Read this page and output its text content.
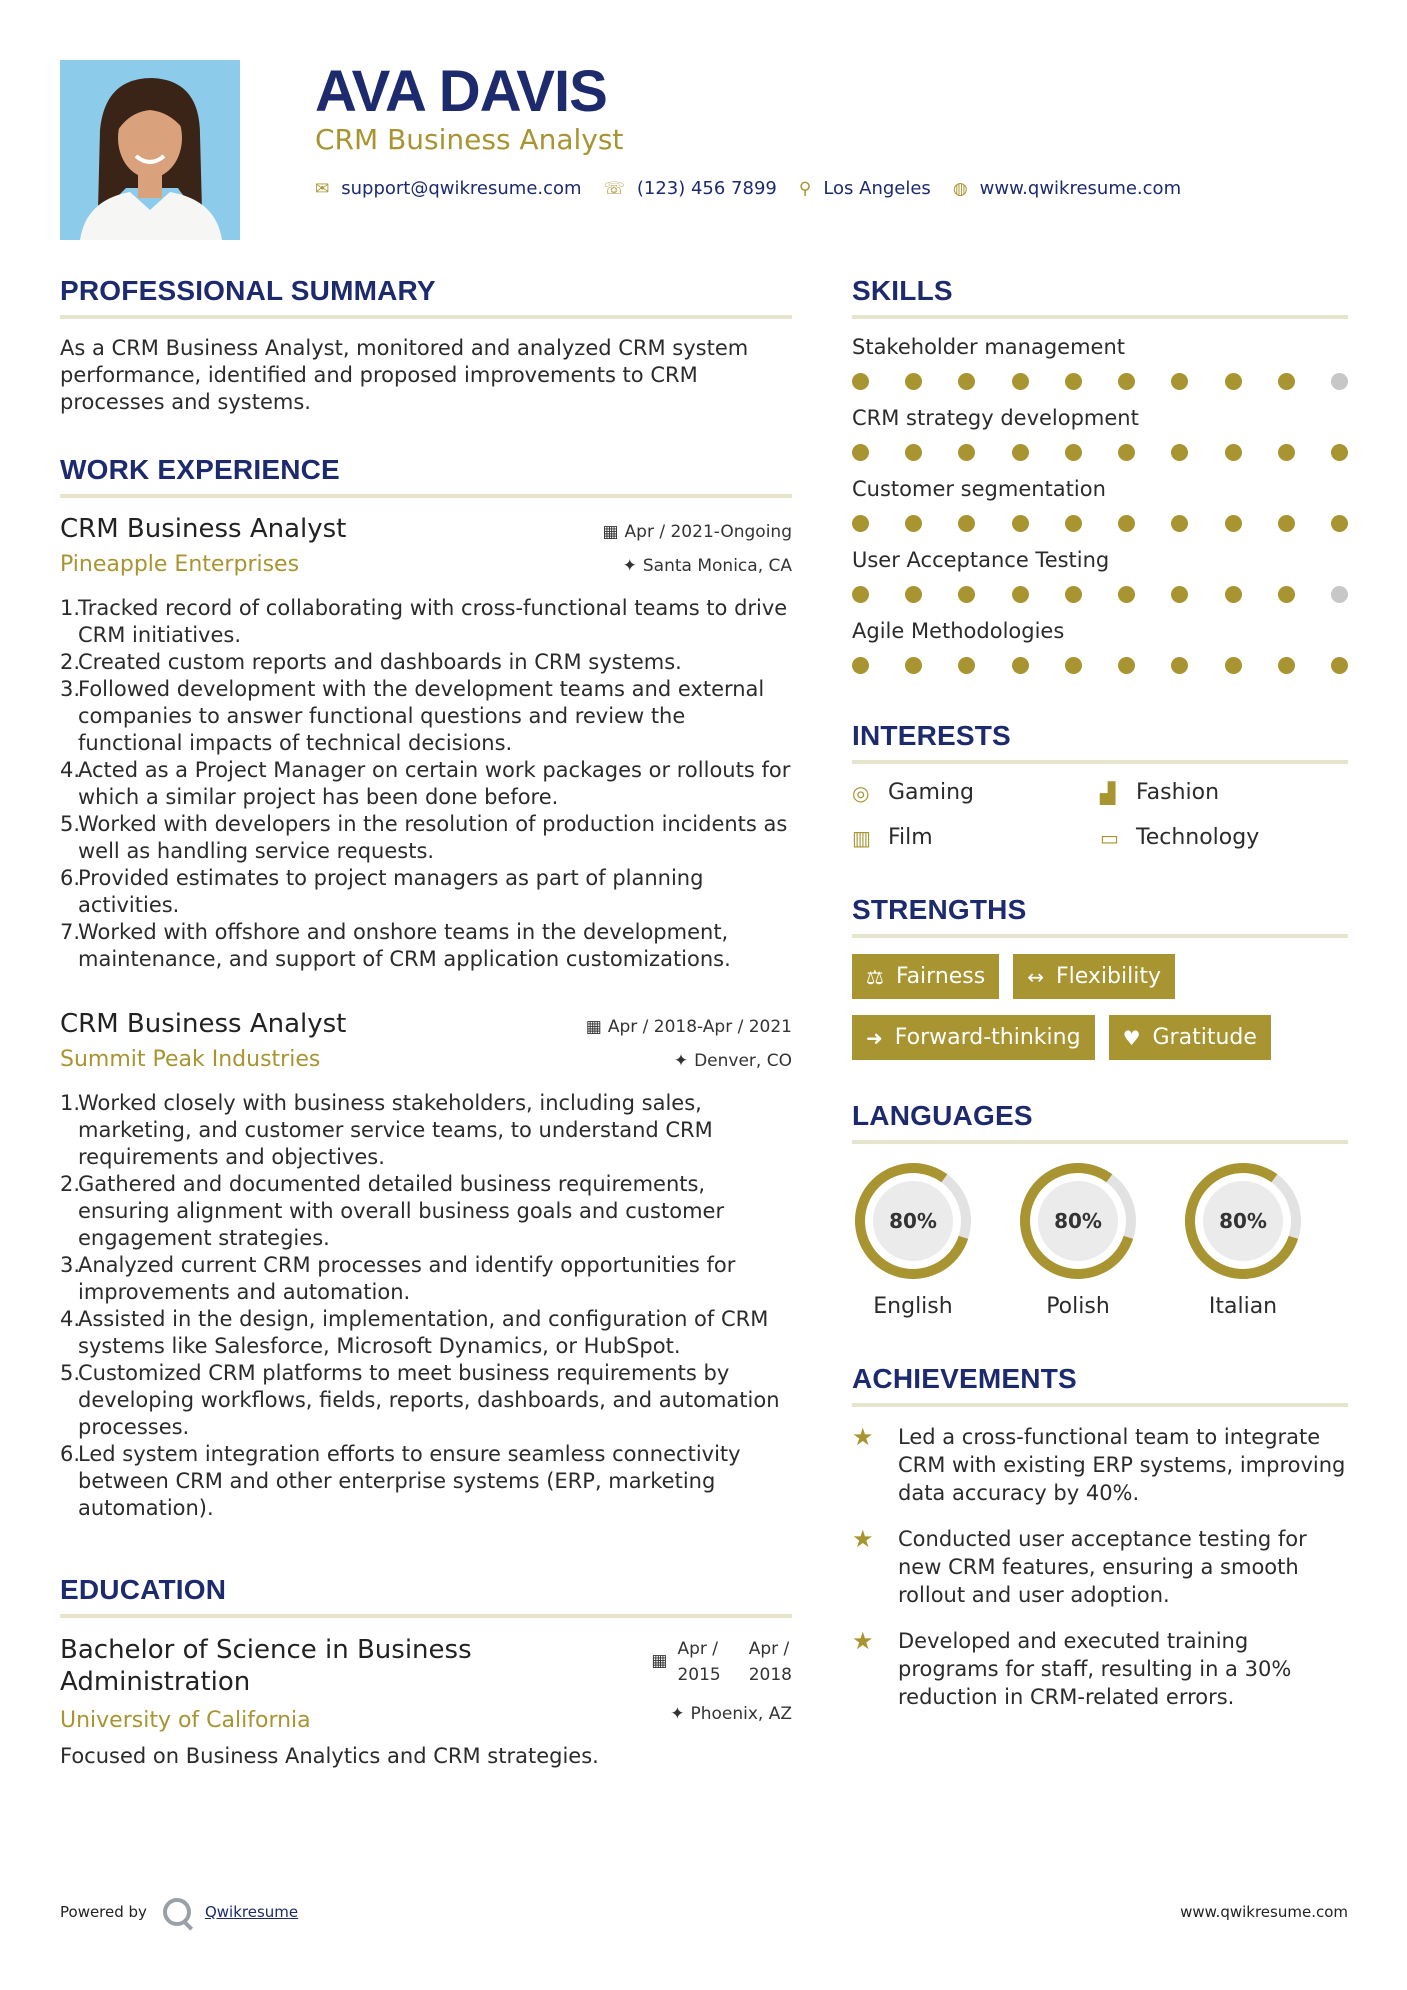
AVA DAVIS
CRM Business Analyst
✉ support@qwikresume.com ☏ (123) 456 7899 ⚲ Los Angeles ◍ www.qwikresume.com
PROFESSIONAL SUMMARY
As a CRM Business Analyst, monitored and analyzed CRM system performance, identified and proposed improvements to CRM processes and systems.
WORK EXPERIENCE
CRM Business Analyst
Pineapple Enterprises
▦ Apr / 2021-Ongoing
✦ Santa Monica, CA
1.
Tracked record of collaborating with cross-functional teams to drive CRM initiatives.
2.
Created custom reports and dashboards in CRM systems.
3.
Followed development with the development teams and external companies to answer functional questions and review the functional impacts of technical decisions.
4.
Acted as a Project Manager on certain work packages or rollouts for which a similar project has been done before.
5.
Worked with developers in the resolution of production incidents as well as handling service requests.
6.
Provided estimates to project managers as part of planning activities.
7.
Worked with offshore and onshore teams in the development, maintenance, and support of CRM application customizations.
CRM Business Analyst
Summit Peak Industries
▦ Apr / 2018-Apr / 2021
✦ Denver, CO
1.
Worked closely with business stakeholders, including sales, marketing, and customer service teams, to understand CRM requirements and objectives.
2.
Gathered and documented detailed business requirements, ensuring alignment with overall business goals and customer engagement strategies.
3.
Analyzed current CRM processes and identify opportunities for improvements and automation.
4.
Assisted in the design, implementation, and configuration of CRM systems like Salesforce, Microsoft Dynamics, or HubSpot.
5.
Customized CRM platforms to meet business requirements by developing workflows, fields, reports, dashboards, and automation processes.
6.
Led system integration efforts to ensure seamless connectivity between CRM and other enterprise systems (ERP, marketing automation).
EDUCATION
Bachelor of Science in Business Administration
University of California
▦
Apr /
2015
Apr /
2018
✦ Phoenix, AZ
Focused on Business Analytics and CRM strategies.
SKILLS
Stakeholder management
CRM strategy development
Customer segmentation
User Acceptance Testing
Agile Methodologies
INTERESTS
◎ Gaming	▟ Fashion
▥ Film	▭ Technology
STRENGTHS
⚖ Fairness ↔ Flexibility
➜ Forward-thinking ♥ Gratitude
LANGUAGES
80%
English
80%
Polish
80%
Italian
ACHIEVEMENTS
★	Led a cross-functional team to integrate CRM with existing ERP systems, improving data accuracy by 40%.
★	Conducted user acceptance testing for new CRM features, ensuring a smooth rollout and user adoption.
★	Developed and executed training programs for staff, resulting in a 30% reduction in CRM-related errors.
Powered by	Qwikresume	www.qwikresume.com
